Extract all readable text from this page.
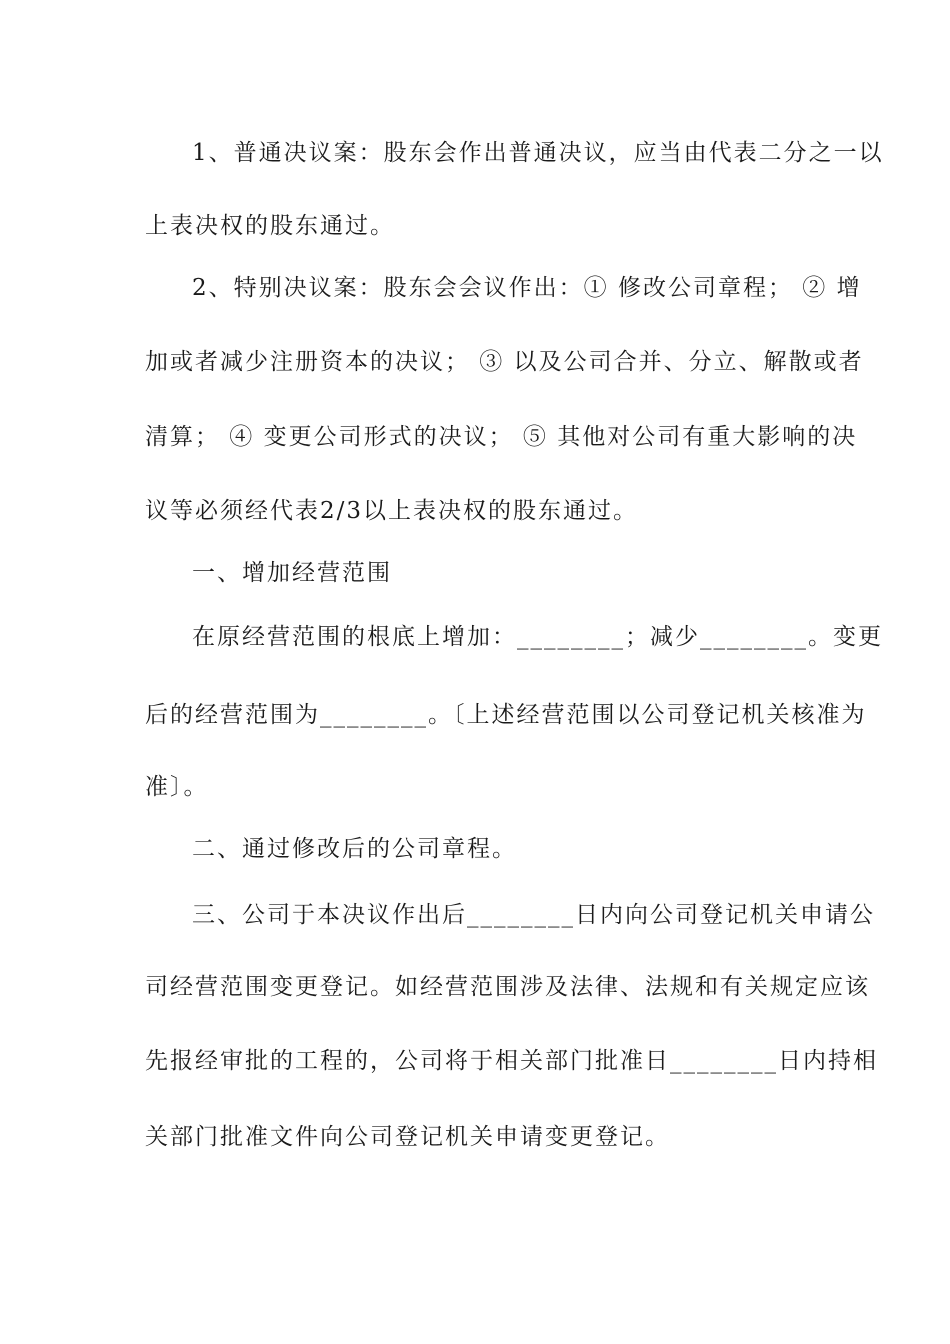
1、普通决议案：股东会作出普通决议，应当由代表二分之一以
上表决权的股东通过。
2、特别决议案：股东会会议作出：① 修改公司章程； ② 增
加或者减少注册资本的决议； ③ 以及公司合并、分立、解散或者
清算； ④ 变更公司形式的决议； ⑤ 其他对公司有重大影响的决
议等必须经代表2/3以上表决权的股东通过。
一、增加经营范围
在原经营范围的根底上增加：________；减少________。变更
后的经营范围为________。〔上述经营范围以公司登记机关核准为
准〕。
二、通过修改后的公司章程。
三、公司于本决议作出后________日内向公司登记机关申请公
司经营范围变更登记。如经营范围涉及法律、法规和有关规定应该
先报经审批的工程的，公司将于相关部门批准日________日内持相
关部门批准文件向公司登记机关申请变更登记。
